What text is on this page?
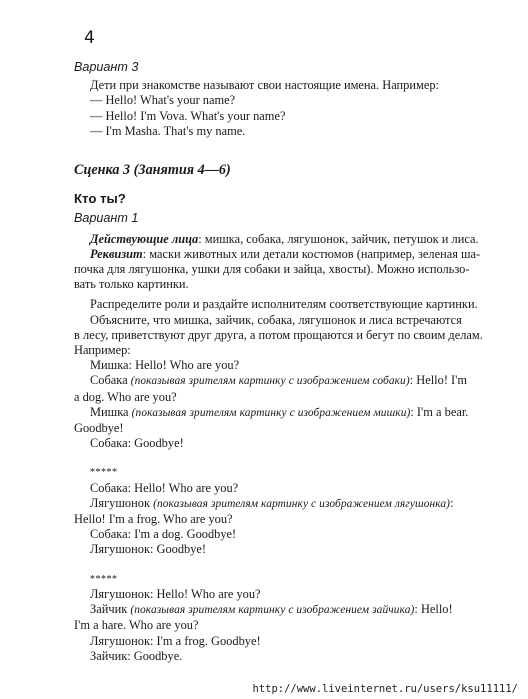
4
Вариант 3
Дети при знакомстве называют свои настоящие имена. Например:
— Hello! What's your name?
— Hello! I'm Vova. What's your name?
— I'm Masha. That's my name.
Сценка 3 (Занятия 4—6)
Кто ты?
Вариант 1
Действующие лица: мишка, собака, лягушонок, зайчик, петушок и лиса.
Реквизит: маски животных или детали костюмов (например, зеленая ша-
почка для лягушонка, ушки для собаки и зайца, хвосты). Можно использо-
вать только картинки.
Распределите роли и раздайте исполнителям соответствующие картинки.
Объясните, что мишка, зайчик, собака, лягушонок и лиса встречаются
в лесу, приветствуют друг друга, а потом прощаются и бегут по своим делам.
Например:
Мишка: Hello! Who are you?
Собака (показывая зрителям картинку с изображением собаки): Hello! I'm
a dog. Who are you?
Мишка (показывая зрителям картинку с изображением мишки): I'm a bear.
Goodbye!
Собака: Goodbye!
*****
Собака: Hello! Who are you?
Лягушонок (показывая зрителям картинку с изображением лягушонка):
Hello! I'm a frog. Who are you?
Собака: I'm a dog. Goodbye!
Лягушонок: Goodbye!
*****
Лягушонок: Hello! Who are you?
Зайчик (показывая зрителям картинку с изображением зайчика): Hello!
I'm a hare. Who are you?
Лягушонок: I'm a frog. Goodbye!
Зайчик: Goodbye.
http://www.liveinternet.ru/users/ksu11111/
